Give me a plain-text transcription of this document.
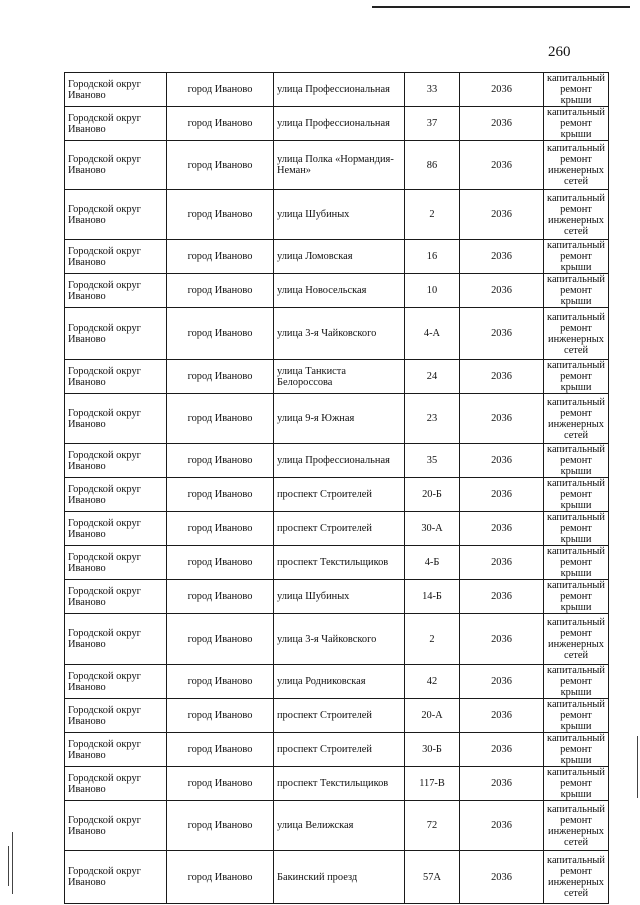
260
Городской округ Иваново	город Иваново	улица Профессиональная	33	2036	капитальный ремонт крыши
Городской округ Иваново	город Иваново	улица Профессиональная	37	2036	капитальный ремонт крыши
Городской округ Иваново	город Иваново	улица Полка «Нормандия-Неман»	86	2036	капитальный ремонт инженерных сетей
Городской округ Иваново	город Иваново	улица Шубиных	2	2036	капитальный ремонт инженерных сетей
Городской округ Иваново	город Иваново	улица Ломовская	16	2036	капитальный ремонт крыши
Городской округ Иваново	город Иваново	улица Новосельская	10	2036	капитальный ремонт крыши
Городской округ Иваново	город Иваново	улица 3-я Чайковского	4-А	2036	капитальный ремонт инженерных сетей
Городской округ Иваново	город Иваново	улица Танкиста Белороссова	24	2036	капитальный ремонт крыши
Городской округ Иваново	город Иваново	улица 9-я Южная	23	2036	капитальный ремонт инженерных сетей
Городской округ Иваново	город Иваново	улица Профессиональная	35	2036	капитальный ремонт крыши
Городской округ Иваново	город Иваново	проспект Строителей	20-Б	2036	капитальный ремонт крыши
Городской округ Иваново	город Иваново	проспект Строителей	30-А	2036	капитальный ремонт крыши
Городской округ Иваново	город Иваново	проспект Текстильщиков	4-Б	2036	капитальный ремонт крыши
Городской округ Иваново	город Иваново	улица Шубиных	14-Б	2036	капитальный ремонт крыши
Городской округ Иваново	город Иваново	улица 3-я Чайковского	2	2036	капитальный ремонт инженерных сетей
Городской округ Иваново	город Иваново	улица Родниковская	42	2036	капитальный ремонт крыши
Городской округ Иваново	город Иваново	проспект Строителей	20-А	2036	капитальный ремонт крыши
Городской округ Иваново	город Иваново	проспект Строителей	30-Б	2036	капитальный ремонт крыши
Городской округ Иваново	город Иваново	проспект Текстильщиков	117-В	2036	капитальный ремонт крыши
Городской округ Иваново	город Иваново	улица Велижская	72	2036	капитальный ремонт инженерных сетей
Городской округ Иваново	город Иваново	Бакинский проезд	57А	2036	капитальный ремонт инженерных сетей
